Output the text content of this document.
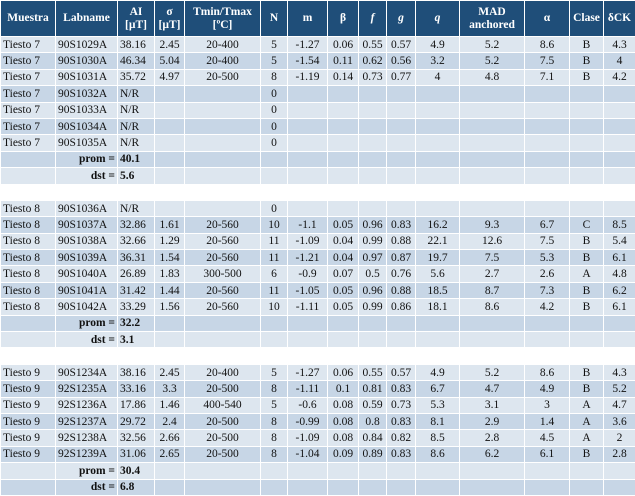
Muestra	Labname	AI [µT]	σ [µT]	Tmin/Tmax [ºC]	N	m	β	f	g	q	MAD anchored	α	Clase	δCK
Tiesto 7	90S1029A	38.16	2.45	20-400	5	-1.27	0.06	0.55	0.57	4.9	5.2	8.6	B	4.3
Tiesto 7	90S1030A	46.34	5.04	20-400	5	-1.54	0.11	0.62	0.56	3.2	5.2	7.5	B	4
Tiesto 7	90S1031A	35.72	4.97	20-500	8	-1.19	0.14	0.73	0.77	4	4.8	7.1	B	4.2
Tiesto 7	90S1032A	N/R			0									
Tiesto 7	90S1033A	N/R			0									
Tiesto 7	90S1034A	N/R			0									
Tiesto 7	90S1035A	N/R			0									
	prom =	40.1												
	dst =	5.6												

Tiesto 8	90S1036A	N/R			0									
Tiesto 8	90S1037A	32.86	1.61	20-560	10	-1.1	0.05	0.96	0.83	16.2	9.3	6.7	C	8.5
Tiesto 8	90S1038A	32.66	1.29	20-560	11	-1.09	0.04	0.99	0.88	22.1	12.6	7.5	B	5.4
Tiesto 8	90S1039A	36.31	1.54	20-560	11	-1.21	0.04	0.97	0.87	19.7	7.5	5.3	B	6.1
Tiesto 8	90S1040A	26.89	1.83	300-500	6	-0.9	0.07	0.5	0.76	5.6	2.7	2.6	A	4.8
Tiesto 8	90S1041A	31.42	1.44	20-560	11	-1.05	0.05	0.96	0.88	18.5	8.7	7.3	B	6.2
Tiesto 8	90S1042A	33.29	1.56	20-560	10	-1.11	0.05	0.99	0.86	18.1	8.6	4.2	B	6.1
	prom =	32.2												
	dst =	3.1												

Tiesto 9	90S1234A	38.16	2.45	20-400	5	-1.27	0.06	0.55	0.57	4.9	5.2	8.6	B	4.3
Tiesto 9	92S1235A	33.16	3.3	20-500	8	-1.11	0.1	0.81	0.83	6.7	4.7	4.9	B	5.2
Tiesto 9	92S1236A	17.86	1.46	400-540	5	-0.6	0.08	0.59	0.73	5.3	3.1	3	A	4.7
Tiesto 9	92S1237A	29.72	2.4	20-500	8	-0.99	0.08	0.8	0.83	8.1	2.9	1.4	A	3.6
Tiesto 9	92S1238A	32.56	2.66	20-500	8	-1.09	0.08	0.84	0.82	8.5	2.8	4.5	A	2
Tiesto 9	92S1239A	31.06	2.65	20-500	8	-1.04	0.09	0.89	0.83	8.6	6.2	6.1	B	2.8
	prom =	30.4												
	dst =	6.8												
